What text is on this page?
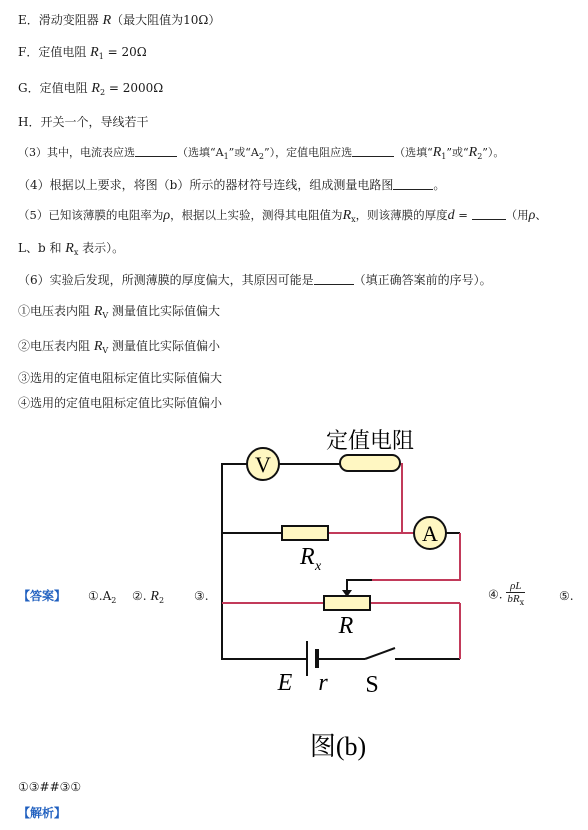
E．滑动变阻器 R（最大阻值为10Ω）
F．定值电阻 $R_1 = 20\Omega$
G．定值电阻 $R_2 = 2000\Omega$
H．开关一个，导线若干
（3）其中，电流表应选	（选填“$A_1$”或“$A_2$”），定值电阻应选	（选填“$R_1$”或“$R_2$”）。
（4）根据以上要求，将图（b）所示的器材符号连线，组成测量电路图	。
（5）已知该薄膜的电阻率为ρ，根据以上实验，测得其电阻值为$R_x$，则该薄膜的厚度d =	（用ρ、
L、b 和 $R_x$ 表示）。
（6）实验后发现，所测薄膜的厚度偏大，其原因可能是	（填正确答案前的序号）。
①电压表内阻 $R_V$ 测量值比实际值偏大
②电压表内阻 $R_V$ 测量值比实际值偏小
③选用的定值电阻标定值比实际值偏大
④选用的定值电阻标定值比实际值偏小
【答案】	$①.A_2$	②. $R_2$	③.	④. $\frac{\rho L}{bR_x}$	⑤.
V
定值电阻
A
R x
R
E r S
图(b)
①③##③①
【解析】
